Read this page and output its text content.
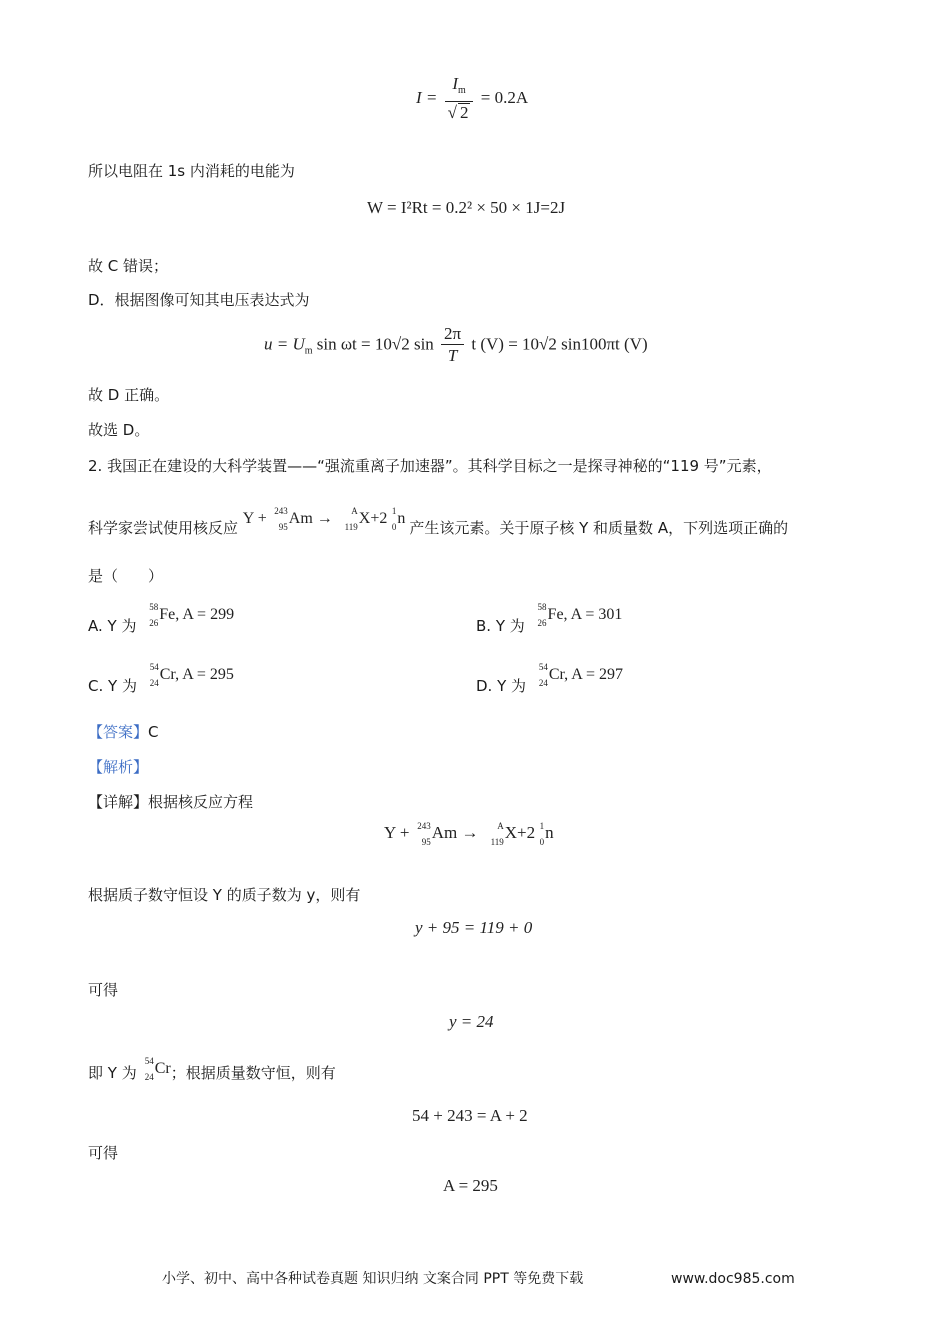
$I = \frac{I_m}{√ 2} = 0.2A$
所以电阻在 1s 内消耗的电能为
W = I²Rt = 0.2² × 50 × 1J=2J
故 C 错误；
D．根据图像可知其电压表达式为
$u = U_m$ sin ωt = 10√2 $\sin \frac{2\pi}{T}$ t (V) = 10√2 sin100πt (V)
故 D 正确。
故选 D。
2. 我国正在建设的大科学装置——“强流重离子加速器”。其科学目标之一是探寻神秘的“119 号”元素，
科学家尝试使用核反应 Y + 243
95
Am → A
119
X+2 1
0
n 产生该元素。关于原子核 Y 和质量数 A，下列选项正确的
是（　　）
A. Y 为
58
26
Fe, A = 299
B. Y 为
58
26
Fe, A = 301
C. Y 为
54
24
Cr, A = 295
D. Y 为
54
24
Cr, A = 297
【答案】C
【解析】
【详解】根据核反应方程
Y + 243
95
Am → A
119
X+2 1
0
n
根据质子数守恒设 Y 的质子数为 y，则有
y + 95 = 119 + 0
可得
y = 24
即 Y 为
54
24
Cr；根据质量数守恒，则有
54 + 243 = A + 2
可得
A = 295
小学、初中、高中各种试卷真题 知识归纳 文案合同 PPT 等免费下载	www.doc985.com
